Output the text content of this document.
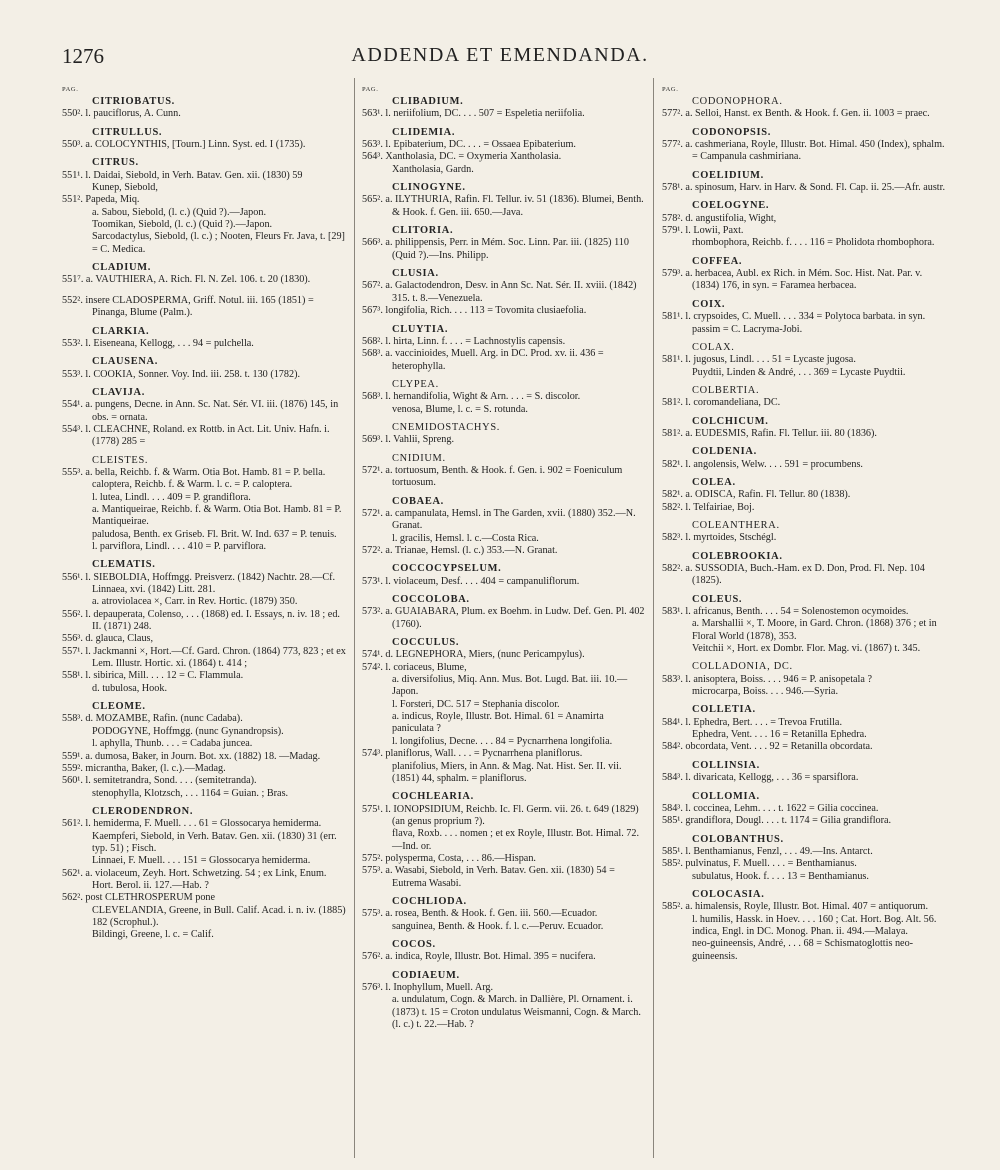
1276	ADDENDA ET EMENDANDA.
PAG.
CITRIOBATUS.
550². l. pauciflorus, A. Cunn.
CITRULLUS.
550³. a. COLOCYNTHIS, [Tourn.] Linn. Syst. ed. I (1735).
CITRUS.
551¹. l. Daidai, Siebold, in Verh. Batav. Gen. xii. (1830) 59
Kunep, Siebold,
551². Papeda, Miq.
a. Sabou, Siebold, (l. c.) (Quid ?).—Japon.
Toomikan, Siebold, (l. c.) (Quid ?).—Japon.
Sarcodactylus, Siebold, (l. c.) ; Nooten, Fleurs Fr. Java, t. [29] = C. Medica.
CLADIUM.
551⁷. a. VAUTHIERA, A. Rich. Fl. N. Zel. 106. t. 20 (1830).
552². insere CLADOSPERMA, Griff. Notul. iii. 165 (1851) = Pinanga, Blume (Palm.).
CLARKIA.
553². l. Eiseneana, Kellogg, . . . 94 = pulchella.
CLAUSENA.
553³. l. COOKIA, Sonner. Voy. Ind. iii. 258. t. 130 (1782).
CLAVIJA.
554¹. a. pungens, Decne. in Ann. Sc. Nat. Sér. VI. iii. (1876) 145, in obs. = ornata.
554³. l. CLEACHNE, Roland. ex Rottb. in Act. Lit. Univ. Hafn. i. (1778) 285 =
CLEISTES.
555³. a. bella, Reichb. f. & Warm. Otia Bot. Hamb. 81 = P. bella.
caloptera, Reichb. f. & Warm. l. c. = P. caloptera.
l. lutea, Lindl. . . . 409 = P. grandiflora.
a. Mantiqueirae, Reichb. f. & Warm. Otia Bot. Hamb. 81 = P. Mantiqueirae.
paludosa, Benth. ex Griseb. Fl. Brit. W. Ind. 637 = P. tenuis.
l. parviflora, Lindl. . . . 410 = P. parviflora.
CLEMATIS.
556¹. l. SIEBOLDIA, Hoffmgg. Preisverz. (1842) Nachtr. 28.—Cf. Linnaea, xvi. (1842) Litt. 281.
a. atroviolacea ×, Carr. in Rev. Hortic. (1879) 350.
556². l. depauperata, Colenso, . . . (1868) ed. I. Essays, n. iv. 18 ; ed. II. (1871) 248.
556³. d. glauca, Claus,
557¹. l. Jackmanni ×, Hort.—Cf. Gard. Chron. (1864) 773, 823 ; et ex Lem. Illustr. Hortic. xi. (1864) t. 414 ;
558¹. l. sibirica, Mill. . . . 12 = C. Flammula.
d. tubulosa, Hook.
CLEOME.
558³. d. MOZAMBE, Rafin. (nunc Cadaba).
PODOGYNE, Hoffmgg. (nunc Gynandropsis).
l. aphylla, Thunb. . . . = Cadaba juncea.
559¹. a. dumosa, Baker, in Journ. Bot. xx. (1882) 18. —Madag.
559². micrantha, Baker, (l. c.).—Madag.
560¹. l. semitetrandra, Sond. . . . (semitetranda).
stenophylla, Klotzsch, . . . 1164 = Guian. ; Bras.
CLERODENDRON.
561². l. hemiderma, F. Muell. . . . 61 = Glossocarya hemiderma.
Kaempferi, Siebold, in Verh. Batav. Gen. xii. (1830) 31 (err. typ. 51) ; Fisch.
Linnaei, F. Muell. . . . 151 = Glossocarya hemiderma.
562¹. a. violaceum, Zeyh. Hort. Schwetzing. 54 ; ex Link, Enum. Hort. Berol. ii. 127.—Hab. ?
562². post CLETHROSPERUM pone
CLEVELANDIA, Greene, in Bull. Calif. Acad. i. n. iv. (1885) 182 (Scrophul.).
Bildingi, Greene, l. c. = Calif.
PAG.
CLIBADIUM.
563¹. l. neriifolium, DC. . . . 507 = Espeletia neriifolia.
CLIDEMIA.
563³. l. Epibaterium, DC. . . . = Ossaea Epibaterium.
564³. Xantholasia, DC. = Oxymeria Xantholasia.
Xantholasia, Gardn.
CLINOGYNE.
565². a. ILYTHURIA, Rafin. Fl. Tellur. iv. 51 (1836). Blumei, Benth. & Hook. f. Gen. iii. 650.—Java.
CLITORIA.
566³. a. philippensis, Perr. in Mém. Soc. Linn. Par. iii. (1825) 110 (Quid ?).—Ins. Philipp.
CLUSIA.
567². a. Galactodendron, Desv. in Ann Sc. Nat. Sér. II. xviii. (1842) 315. t. 8.—Venezuela.
567³. longifolia, Rich. . . . 113 = Tovomita clusiaefolia.
CLUYTIA.
568². l. hirta, Linn. f. . . . = Lachnostylis capensis.
568³. a. vaccinioides, Muell. Arg. in DC. Prod. xv. ii. 436 = heterophylla.
CLYPEA.
568³. l. hernandifolia, Wight & Arn. . . . = S. discolor.
venosa, Blume, l. c. = S. rotunda.
CNEMIDOSTACHYS.
569³. l. Vahlii, Spreng.
CNIDIUM.
572¹. a. tortuosum, Benth. & Hook. f. Gen. i. 902 = Foeniculum tortuosum.
COBAEA.
572¹. a. campanulata, Hemsl. in The Garden, xvii. (1880) 352.—N. Granat.
l. gracilis, Hemsl. l. c.—Costa Rica.
572². a. Trianae, Hemsl. (l. c.) 353.—N. Granat.
COCCOCYPSELUM.
573¹. l. violaceum, Desf. . . . 404 = campanuliflorum.
COCCOLOBA.
573². a. GUAIABARA, Plum. ex Boehm. in Ludw. Def. Gen. Pl. 402 (1760).
COCCULUS.
574¹. d. LEGNEPHORA, Miers, (nunc Pericampylus).
574². l. coriaceus, Blume,
a. diversifolius, Miq. Ann. Mus. Bot. Lugd. Bat. iii. 10.—Japon.
l. Forsteri, DC. 517 = Stephania discolor.
a. indicus, Royle, Illustr. Bot. Himal. 61 = Anamirta paniculata ?
l. longifolius, Decne. . . . 84 = Pycnarrhena longifolia.
574³. planiflorus, Wall. . . . = Pycnarrhena planiflorus.
planifolius, Miers, in Ann. & Mag. Nat. Hist. Ser. II. vii. (1851) 44, sphalm. = planiflorus.
COCHLEARIA.
575¹. l. IONOPSIDIUM, Reichb. Ic. Fl. Germ. vii. 26. t. 649 (1829) (an genus proprium ?).
flava, Roxb. . . . nomen ; et ex Royle, Illustr. Bot. Himal. 72.—Ind. or.
575². polysperma, Costa, . . . 86.—Hispan.
575³. a. Wasabi, Siebold, in Verh. Batav. Gen. xii. (1830) 54 = Eutrema Wasabi.
COCHLIODA.
575³. a. rosea, Benth. & Hook. f. Gen. iii. 560.—Ecuador.
sanguinea, Benth. & Hook. f. l. c.—Peruv. Ecuador.
COCOS.
576². a. indica, Royle, Illustr. Bot. Himal. 395 = nucifera.
CODIAEUM.
576³. l. Inophyllum, Muell. Arg.
a. undulatum, Cogn. & March. in Dallière, Pl. Ornament. i. (1873) t. 15 = Croton undulatus Weismanni, Cogn. & March. (l. c.) t. 22.—Hab. ?
PAG.
CODONOPHORA.
577². a. Selloi, Hanst. ex Benth. & Hook. f. Gen. ii. 1003 = praec.
CODONOPSIS.
577². a. cashmeriana, Royle, Illustr. Bot. Himal. 450 (Index), sphalm. = Campanula cashmiriana.
COELIDIUM.
578¹. a. spinosum, Harv. in Harv. & Sond. Fl. Cap. ii. 25.—Afr. austr.
COELOGYNE.
578². d. angustifolia, Wight,
579¹. l. Lowii, Paxt.
rhombophora, Reichb. f. . . . 116 = Pholidota rhombophora.
COFFEA.
579³. a. herbacea, Aubl. ex Rich. in Mém. Soc. Hist. Nat. Par. v. (1834) 176, in syn. = Faramea herbacea.
COIX.
581¹. l. crypsoides, C. Muell. . . . 334 = Polytoca barbata. in syn. passim = C. Lacryma-Jobi.
COLAX.
581¹. l. jugosus, Lindl. . . . 51 = Lycaste jugosa.
Puydtii, Linden & André, . . . 369 = Lycaste Puydtii.
COLBERTIA.
581². l. coromandeliana, DC.
COLCHICUM.
581². a. EUDESMIS, Rafin. Fl. Tellur. iii. 80 (1836).
COLDENIA.
582¹. l. angolensis, Welw. . . . 591 = procumbens.
COLEA.
582¹. a. ODISCA, Rafin. Fl. Tellur. 80 (1838).
582². l. Telfairiae, Boj.
COLEANTHERA.
582³. l. myrtoides, Stschégl.
COLEBROOKIA.
582². a. SUSSODIA, Buch.-Ham. ex D. Don, Prod. Fl. Nep. 104 (1825).
COLEUS.
583¹. l. africanus, Benth. . . . 54 = Solenostemon ocymoides.
a. Marshallii ×, T. Moore, in Gard. Chron. (1868) 376 ; et in Floral World (1878), 353.
Veitchii ×, Hort. ex Dombr. Flor. Mag. vi. (1867) t. 345.
COLLADONIA, DC.
583³. l. anisoptera, Boiss. . . . 946 = P. anisopetala ?
microcarpa, Boiss. . . . 946.—Syria.
COLLETIA.
584¹. l. Ephedra, Bert. . . . = Trevoa Frutilla.
Ephedra, Vent. . . . 16 = Retanilla Ephedra.
584². obcordata, Vent. . . . 92 = Retanilla obcordata.
COLLINSIA.
584³. l. divaricata, Kellogg, . . . 36 = sparsiflora.
COLLOMIA.
584³. l. coccinea, Lehm. . . . t. 1622 = Gilia coccinea.
585¹. grandiflora, Dougl. . . . t. 1174 = Gilia grandiflora.
COLOBANTHUS.
585¹. l. Benthamianus, Fenzl, . . . 49.—Ins. Antarct.
585². pulvinatus, F. Muell. . . . = Benthamianus.
subulatus, Hook. f. . . . 13 = Benthamianus.
COLOCASIA.
585². a. himalensis, Royle, Illustr. Bot. Himal. 407 = antiquorum.
l. humilis, Hassk. in Hoev. . . . 160 ; Cat. Hort. Bog. Alt. 56.
indica, Engl. in DC. Monog. Phan. ii. 494.—Malaya.
neo-guineensis, André, . . . 68 = Schismatoglottis neo-guineensis.
